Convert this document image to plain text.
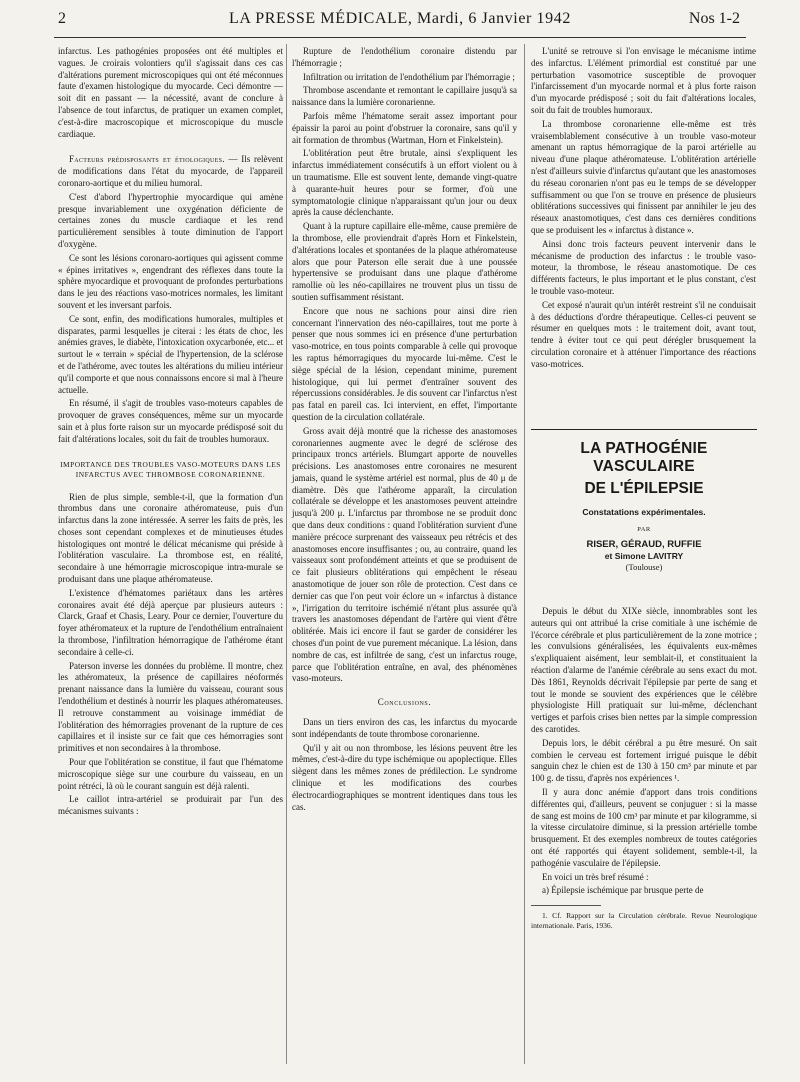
2	LA PRESSE MÉDICALE, Mardi, 6 Janvier 1942	Nos 1-2

infarctus. Les pathogénies proposées ont été multiples et vagues. Je croirais volontiers qu'il s'agissait dans ces cas d'altérations purement microscopiques qui ont été méconnues faute d'examen histologique du myocarde. Ceci démontre — soit dit en passant — la nécessité, avant de conclure à l'absence de tout infarctus, de pratiquer un examen complet, c'est-à-dire macroscopique et microscopique du muscle cardiaque.

Facteurs prédisposants et étiologiques. — Ils relèvent de modifications dans l'état du myocarde, de l'appareil coronaro-aortique et du milieu humoral.

C'est d'abord l'hypertrophie myocardique qui amène presque invariablement une oxygénation déficiente de certaines zones du muscle cardiaque et les rend particulièrement sensibles à toute diminution de l'apport d'oxygène.

Ce sont les lésions coronaro-aortiques qui agissent comme « épines irritatives », engendrant des réflexes dans toute la sphère myocardique et provoquant de profondes perturbations dans le jeu des réactions vaso-motrices normales, les limitant souvent et les inversant parfois.

Ce sont, enfin, des modifications humorales, multiples et disparates, parmi lesquelles je citerai : les états de choc, les anémies graves, le diabète, l'intoxication oxycarbonée, etc... et surtout le « terrain » spécial de l'hypertension, de la sclérose et de l'athérome, avec toutes les altérations du milieu intérieur qu'il comporte et que nous connaissons encore si mal à l'heure actuelle.

En résumé, il s'agit de troubles vaso-moteurs capables de provoquer de graves conséquences, même sur un myocarde sain et à plus forte raison sur un myocarde prédisposé soit du fait d'altérations locales, soit du fait de troubles humoraux.

IMPORTANCE DES TROUBLES VASO-MOTEURS DANS LES INFARCTUS AVEC THROMBOSE CORONARIENNE.

Rien de plus simple, semble-t-il, que la formation d'un thrombus dans une coronaire athéromateuse, puis d'un infarctus dans la zone intéressée. A serrer les faits de près, les choses sont cependant complexes et de minutieuses études histologiques ont montré le délicat mécanisme qui préside à l'oblitération vasculaire. La thrombose est, en réalité, secondaire à une hémorragie microscopique intra-murale se produisant dans une plaque athéromateuse.

L'existence d'hématomes pariétaux dans les artères coronaires avait été déjà aperçue par plusieurs auteurs : Clarck, Graaf et Chasis, Leary. Pour ce dernier, l'ouverture du foyer athéromateux et la rupture de l'endothélium entraînaient la thrombose, l'infiltration hémorragique de l'athérome étant secondaire à celle-ci.

Paterson inverse les données du problème. Il montre, chez les athéromateux, la présence de capillaires néoformés prenant naissance dans la lumière du vaisseau, courant sous l'endothélium et destinés à nourrir les plaques athéromateuses. Il retrouve constamment au voisinage immédiat de l'oblitération des hémorragies provenant de la rupture de ces capillaires et il insiste sur ce fait que ces hémorragies sont primitives et non secondaires à la thrombose.

Pour que l'oblitération se constitue, il faut que l'hématome microscopique siège sur une courbure du vaisseau, en un point rétréci, là où le courant sanguin est déjà ralenti.

Le caillot intra-artériel se produirait par l'un des mécanismes suivants :

Rupture de l'endothélium coronaire distendu par l'hémorragie ;

Infiltration ou irritation de l'endothélium par l'hémorragie ;

Thrombose ascendante et remontant le capillaire jusqu'à sa naissance dans la lumière coronarienne.

Parfois même l'hématome serait assez important pour épaissir la paroi au point d'obstruer la coronaire, sans qu'il y ait formation de thrombus (Wartman, Horn et Finkelstein).

L'oblitération peut être brutale, ainsi s'expliquent les infarctus immédiatement consécutifs à un effort violent ou à un traumatisme. Elle est souvent lente, demande vingt-quatre à quarante-huit heures pour se former, d'où une symptomatologie clinique n'apparaissant qu'un jour ou deux après la cause déclenchante.

Quant à la rupture capillaire elle-même, cause première de la thrombose, elle proviendrait d'après Horn et Finkelstein, d'altérations locales et spontanées de la plaque athéromateuse alors que pour Paterson elle serait due à une poussée hypertensive se produisant dans une plaque d'athérome ramollie où les néo-capillaires ne trouvent plus un tissu de soutien suffisamment résistant.

Encore que nous ne sachions pour ainsi dire rien concernant l'innervation des néo-capillaires, tout me porte à penser que nous sommes ici en présence d'une perturbation vaso-motrice, en tous points comparable à celle qui provoque les raptus hémorragiques du myocarde lui-même. C'est le siège spécial de la lésion, cependant minime, purement histologique, qui lui permet d'entraîner souvent des répercussions considérables. Je dis souvent car l'infarctus n'est pas fatal en pareil cas. Ici intervient, en effet, l'importante question de la circulation collatérale.

Gross avait déjà montré que la richesse des anastomoses coronariennes augmente avec le degré de sclérose des principaux troncs artériels. Blumgart apporte de nouvelles précisions. Les anastomoses entre coronaires ne mesurent jamais, quand le système artériel est normal, plus de 40 μ de diamètre. Dès que l'athérome apparaît, la circulation collatérale se développe et les anastomoses peuvent atteindre jusqu'à 200 μ. L'infarctus par thrombose ne se produit donc que dans deux conditions : quand l'oblitération survient d'une manière précoce surprenant des vaisseaux peu rétrécis et des anastomoses encore insuffisantes ; ou, au contraire, quand les vaisseaux sont profondément atteints et que se produisent de ce fait plusieurs oblitérations qui empêchent le réseau anastomotique de jouer son rôle de protection. C'est dans ce dernier cas que l'on peut voir éclore un « infarctus à distance », l'irrigation du territoire ischémié n'étant plus assurée qu'à travers les anastomoses dépendant de l'artère qui vient d'être oblitérée. Mais ici encore il faut se garder de considérer les choses d'un point de vue purement mécanique. La lésion, dans nombre de cas, est infiltrée de sang, c'est un infarctus rouge, parce que l'oblitération entraîne, en aval, des phénomènes vaso-moteurs.

Conclusions.

Dans un tiers environ des cas, les infarctus du myocarde sont indépendants de toute thrombose coronarienne.

Qu'il y ait ou non thrombose, les lésions peuvent être les mêmes, c'est-à-dire du type ischémique ou apoplectique. Elles siègent dans les mêmes zones de prédilection. Le syndrome clinique et les modifications des courbes électrocardiographiques se montrent identiques dans tous les cas.

L'unité se retrouve si l'on envisage le mécanisme intime des infarctus. L'élément primordial est constitué par une perturbation vasomotrice susceptible de provoquer l'infarcissement d'un myocarde normal et à plus forte raison d'un myocarde prédisposé ; soit du fait d'altérations locales, soit du fait de troubles humoraux.

La thrombose coronarienne elle-même est très vraisemblablement consécutive à un trouble vaso-moteur amenant un raptus hémorragique de la paroi artérielle au niveau d'une plaque athéromateuse. L'oblitération artérielle n'est d'ailleurs suivie d'infarctus qu'autant que les anastomoses du réseau coronarien n'ont pas eu le temps de se développer suffisamment ou que l'on se trouve en présence de plusieurs oblitérations successives qui finissent par annihiler le jeu des réseaux anastomotiques, c'est dans ces dernières conditions que se produisent les « infarctus à distance ».

Ainsi donc trois facteurs peuvent intervenir dans le mécanisme de production des infarctus : le trouble vaso-moteur, la thrombose, le réseau anastomotique. De ces différents facteurs, le plus important et le plus constant, c'est le trouble vaso-moteur.

Cet exposé n'aurait qu'un intérêt restreint s'il ne conduisait à des déductions d'ordre thérapeutique. Celles-ci peuvent se résumer en quelques mots : le traitement doit, avant tout, tendre à éviter tout ce qui peut dérégler brusquement la circulation coronaire et à atténuer l'importance des réactions vaso-motrices.

LA PATHOGÉNIE VASCULAIRE
DE L'ÉPILEPSIE
Constatations expérimentales.
PAR
RISER, GÉRAUD, RUFFIE
et Simone LAVITRY
(Toulouse)

Depuis le début du XIXe siècle, innombrables sont les auteurs qui ont attribué la crise comitiale à une ischémie de l'écorce cérébrale et plus particulièrement de la zone motrice ; les convulsions généralisées, les équivalents eux-mêmes s'expliquaient aisément, leur semblait-il, et constituaient la réaction d'alarme de l'anémie cérébrale au sens exact du mot. Dès 1861, Reynolds décrivait l'épilepsie par perte de sang et tout le monde se souvient des expériences que le célèbre physiologiste Hill pratiquait sur lui-même, déclenchant vertiges et parfois crises bien nettes par la simple compression des carotides.

Depuis lors, le débit cérébral a pu être mesuré. On sait combien le cerveau est fortement irrigué puisque le débit sanguin chez le chien est de 130 à 150 cm³ par minute et par 100 g. de tissu, d'après nos expériences ¹.

Il y aura donc anémie d'apport dans trois conditions différentes qui, d'ailleurs, peuvent se conjuguer : si la masse de sang est moins de 100 cm³ par minute et par kilogramme, si la vitesse circulatoire diminue, si la pression artérielle tombe brusquement. Et des exemples nombreux de toutes catégories ont été rapportés qui étayent solidement, semble-t-il, la pathogénie vasculaire de l'épilepsie.

En voici un très bref résumé :

a) Épilepsie ischémique par brusque perte de

1. Cf. Rapport sur la Circulation cérébrale. Revue Neurologique internationale. Paris, 1936.
